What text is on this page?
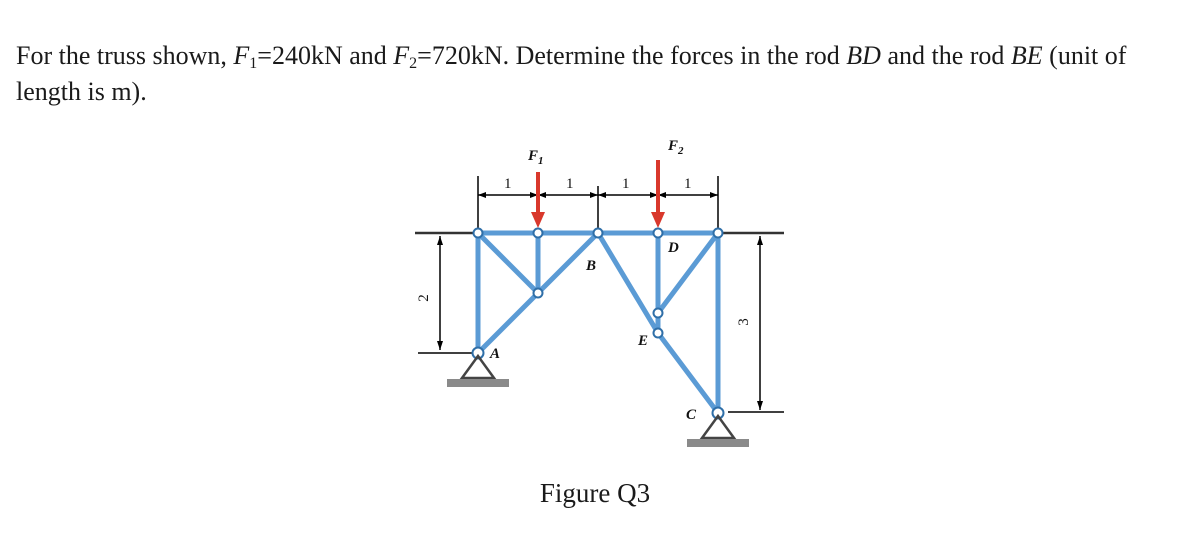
For the truss shown, $F_1=240kN$ and $F_2=720kN$. Determine the forces in the rod BD and the rod BE (unit of length is m).
1	1	1	1
2
3
$F_1$
$F_2$
A
B
C
D
E
Figure Q3
